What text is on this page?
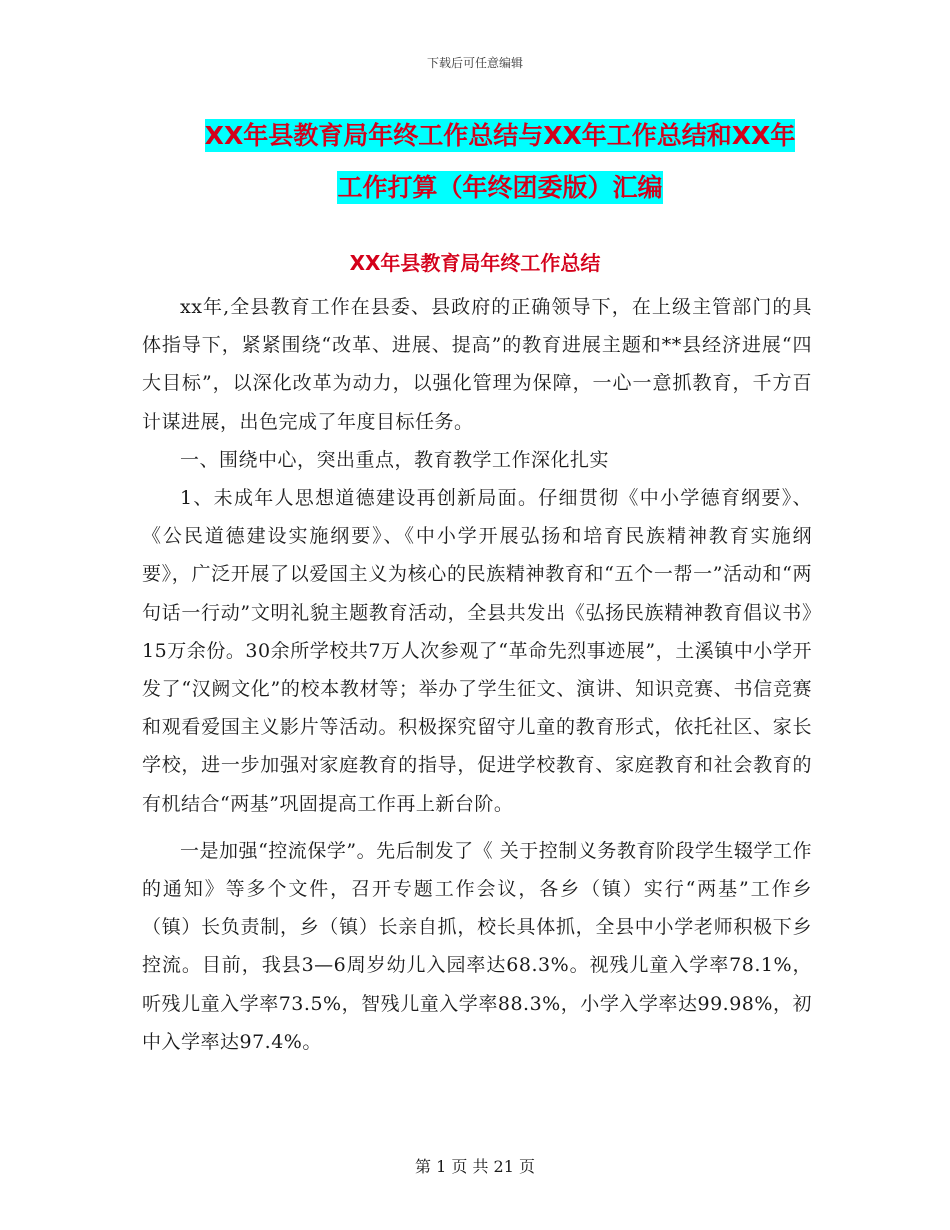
下载后可任意编辑
XX年县教育局年终工作总结与XX年工作总结和XX年
工作打算（年终团委版）汇编
XX年县教育局年终工作总结

xx年,全县教育工作在县委、县政府的正确领导下，在上级主管部门的具体指导下，紧紧围绕“改革、进展、提高”的教育进展主题和**县经济进展“四大目标”，以深化改革为动力，以强化管理为保障，一心一意抓教育，千方百计谋进展，出色完成了年度目标任务。

一、围绕中心，突出重点，教育教学工作深化扎实

1、未成年人思想道德建设再创新局面。仔细贯彻《中小学德育纲要》、《公民道德建设实施纲要》、《中小学开展弘扬和培育民族精神教育实施纲要》，广泛开展了以爱国主义为核心的民族精神教育和“五个一帮一”活动和“两句话一行动”文明礼貌主题教育活动，全县共发出《弘扬民族精神教育倡议书》15万余份。30余所学校共7万人次参观了“革命先烈事迹展”，土溪镇中小学开发了“汉阙文化”的校本教材等；举办了学生征文、演讲、知识竞赛、书信竞赛和观看爱国主义影片等活动。积极探究留守儿童的教育形式，依托社区、家长学校，进一步加强对家庭教育的指导，促进学校教育、家庭教育和社会教育的有机结合“两基”巩固提高工作再上新台阶。

一是加强“控流保学”。先后制发了《 关于控制义务教育阶段学生辍学工作的通知》等多个文件，召开专题工作会议，各乡（镇）实行“两基”工作乡（镇）长负责制，乡（镇）长亲自抓，校长具体抓，全县中小学老师积极下乡控流。目前，我县3—6周岁幼儿入园率达68.3%。视残儿童入学率78.1%，听残儿童入学率73.5%，智残儿童入学率88.3%，小学入学率达99.98%，初中入学率达97.4%。

第 1 页 共 21 页
